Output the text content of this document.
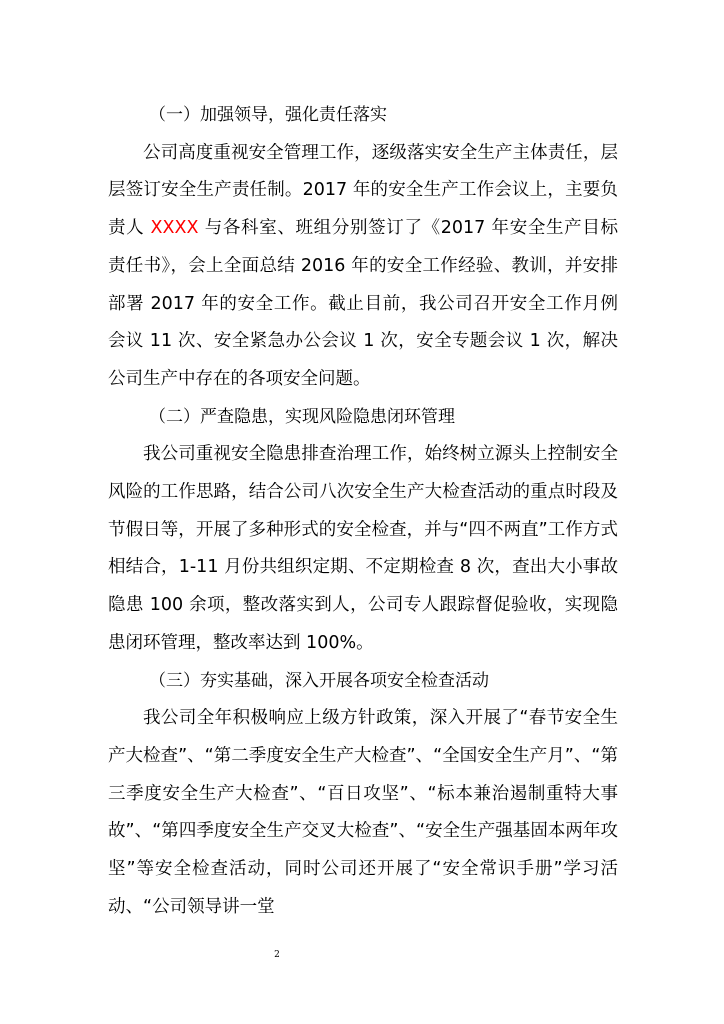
（一）加强领导，强化责任落实

公司高度重视安全管理工作，逐级落实安全生产主体责任，层层签订安全生产责任制。2017 年的安全生产工作会议上，主要负责人 XXXX 与各科室、班组分别签订了《2017 年安全生产目标责任书》，会上全面总结 2016 年的安全工作经验、教训，并安排部署 2017 年的安全工作。截止目前，我公司召开安全工作月例会议 11 次、安全紧急办公会议 1 次，安全专题会议 1 次，解决公司生产中存在的各项安全问题。

（二）严查隐患，实现风险隐患闭环管理

我公司重视安全隐患排查治理工作，始终树立源头上控制安全风险的工作思路，结合公司八次安全生产大检查活动的重点时段及节假日等，开展了多种形式的安全检查，并与“四不两直”工作方式相结合，1-11 月份共组织定期、不定期检查 8 次，查出大小事故隐患 100 余项，整改落实到人，公司专人跟踪督促验收，实现隐患闭环管理，整改率达到 100%。

（三）夯实基础，深入开展各项安全检查活动

我公司全年积极响应上级方针政策，深入开展了“春节安全生产大检查”、“第二季度安全生产大检查”、“全国安全生产月”、“第三季度安全生产大检查”、“百日攻坚”、“标本兼治遏制重特大事故”、“第四季度安全生产交叉大检查”、“安全生产强基固本两年攻坚”等安全检查活动，同时公司还开展了“安全常识手册”学习活动、“公司领导讲一堂

2
